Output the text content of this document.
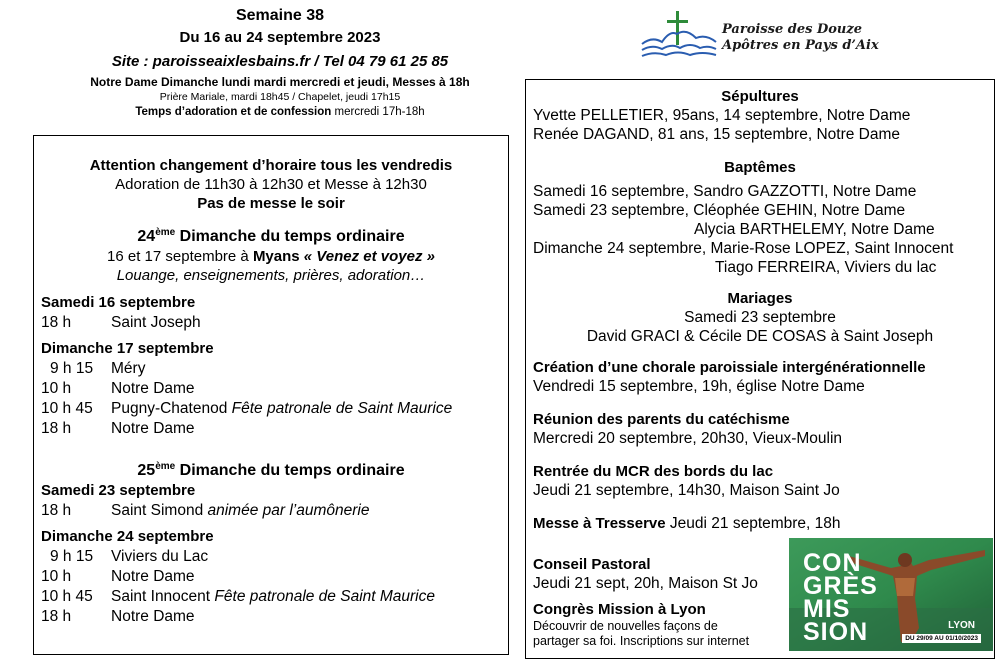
Semaine 38
Du 16 au 24 septembre 2023
Site : paroisseaixlesbains.fr / Tel 04 79 61 25 85
Notre Dame Dimanche lundi mardi mercredi et jeudi, Messes à 18h
Prière Mariale, mardi 18h45 / Chapelet, jeudi 17h15
Temps d’adoration et de confession mercredi 17h-18h
Paroisse des Douze
Apôtres en Pays d’Aix
Attention changement d’horaire tous les vendredis
Adoration de 11h30 à 12h30 et Messe à 12h30
Pas de messe le soir
24ème Dimanche du temps ordinaire
16 et 17 septembre à Myans « Venez et voyez »
Louange, enseignements, prières, adoration…
Samedi 16 septembre
18 h	Saint Joseph
Dimanche 17 septembre
9 h 15	Méry
10 h	Notre Dame
10 h 45	Pugny-Chatenod Fête patronale de Saint Maurice
18 h	Notre Dame
25ème Dimanche du temps ordinaire
Samedi 23 septembre
18 h	Saint Simond animée par l’aumônerie
Dimanche 24 septembre
9 h 15	Viviers du Lac
10 h	Notre Dame
10 h 45	Saint Innocent Fête patronale de Saint Maurice
18 h	Notre Dame
Sépultures
Yvette PELLETIER, 95ans, 14 septembre, Notre Dame
Renée DAGAND, 81 ans, 15 septembre, Notre Dame
Baptêmes
Samedi 16 septembre, Sandro GAZZOTTI, Notre Dame
Samedi 23 septembre, Cléophée GEHIN, Notre Dame
Alycia BARTHELEMY, Notre Dame
Dimanche 24 septembre, Marie-Rose LOPEZ, Saint Innocent
Tiago FERREIRA, Viviers du lac
Mariages
Samedi 23 septembre
David GRACI & Cécile DE COSAS à Saint Joseph
Création d’une chorale paroissiale intergénérationnelle
Vendredi 15 septembre, 19h, église Notre Dame
Réunion des parents du catéchisme
Mercredi 20 septembre, 20h30, Vieux-Moulin
Rentrée du MCR des bords du lac
Jeudi 21 septembre, 14h30, Maison Saint Jo
Messe à Tresserve Jeudi 21 septembre, 18h
Conseil Pastoral
Jeudi 21 sept, 20h, Maison St Jo
Congrès Mission à Lyon
Découvrir de nouvelles façons de
partager sa foi. Inscriptions sur internet
CON
GRÈS
MIS
SION	LYON
DU 29/09 AU 01/10/2023
